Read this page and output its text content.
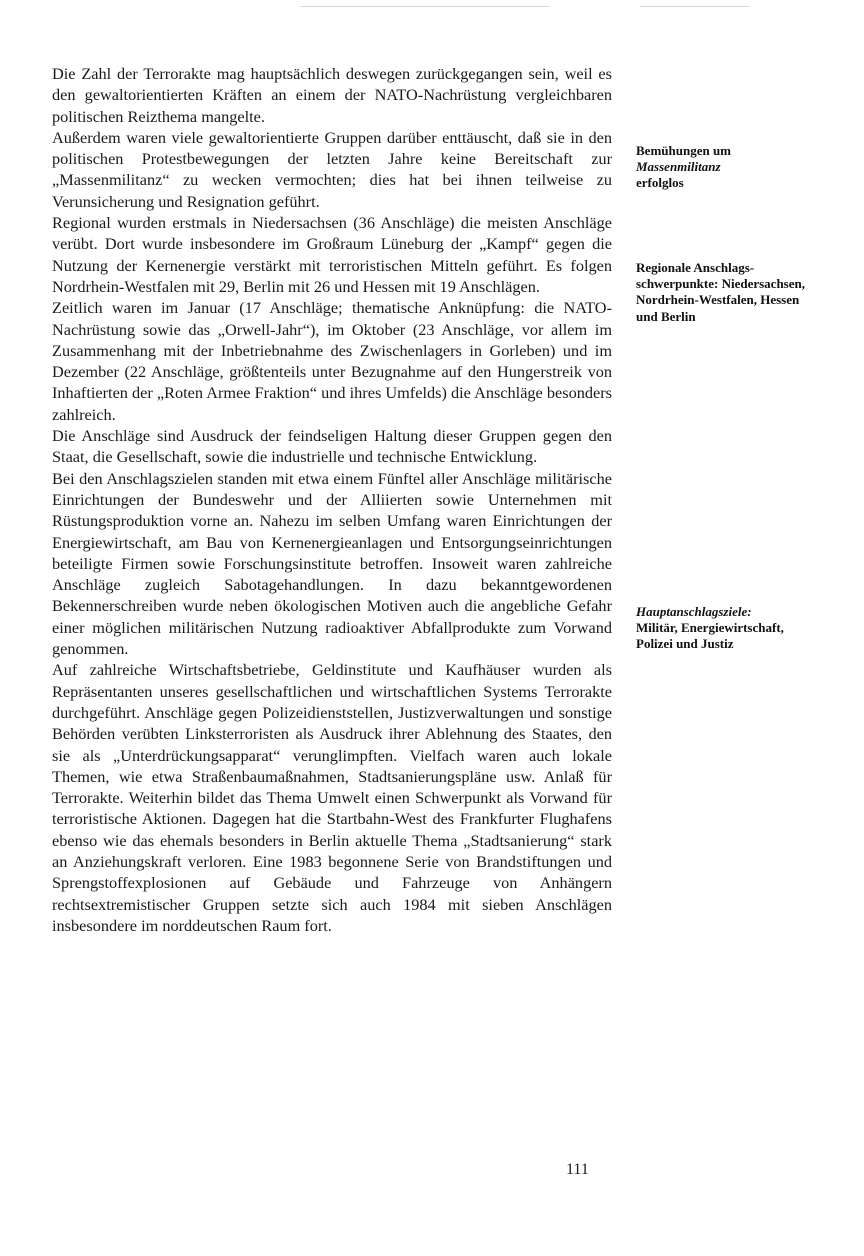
Die Zahl der Terrorakte mag hauptsächlich deswegen zurückgegangen sein, weil es den gewaltorientierten Kräften an einem der NATO-Nachrüstung vergleichbaren politischen Reizthema mangelte.

Außerdem waren viele gewaltorientierte Gruppen darüber enttäuscht, daß sie in den politischen Protestbewegungen der letzten Jahre keine Bereitschaft zur „Massenmilitanz“ zu wecken vermochten; dies hat bei ihnen teilweise zu Verunsicherung und Resignation geführt.

Regional wurden erstmals in Niedersachsen (36 Anschläge) die meisten Anschläge verübt. Dort wurde insbesondere im Großraum Lüneburg der „Kampf“ gegen die Nutzung der Kernenergie verstärkt mit terroristischen Mitteln geführt. Es folgen Nordrhein-Westfalen mit 29, Berlin mit 26 und Hessen mit 19 Anschlägen.

Zeitlich waren im Januar (17 Anschläge; thematische Anknüpfung: die NATO-Nachrüstung sowie das „Orwell-Jahr“), im Oktober (23 Anschläge, vor allem im Zusammenhang mit der Inbetriebnahme des Zwischenlagers in Gorleben) und im Dezember (22 Anschläge, größtenteils unter Bezugnahme auf den Hungerstreik von Inhaftierten der „Roten Armee Fraktion“ und ihres Umfelds) die Anschläge besonders zahlreich.

Die Anschläge sind Ausdruck der feindseligen Haltung dieser Gruppen gegen den Staat, die Gesellschaft, sowie die industrielle und technische Entwicklung.

Bei den Anschlagszielen standen mit etwa einem Fünftel aller Anschläge militärische Einrichtungen der Bundeswehr und der Alliierten sowie Unternehmen mit Rüstungsproduktion vorne an. Nahezu im selben Umfang waren Einrichtungen der Energiewirtschaft, am Bau von Kernenergieanlagen und Entsorgungseinrichtungen beteiligte Firmen sowie Forschungsinstitute betroffen. Insoweit waren zahlreiche Anschläge zugleich Sabotagehandlungen. In dazu bekanntgewordenen Bekennerschreiben wurde neben ökologischen Motiven auch die angebliche Gefahr einer möglichen militärischen Nutzung radioaktiver Abfallprodukte zum Vorwand genommen.

Auf zahlreiche Wirtschaftsbetriebe, Geldinstitute und Kaufhäuser wurden als Repräsentanten unseres gesellschaftlichen und wirtschaftlichen Systems Terrorakte durchgeführt. Anschläge gegen Polizeidienststellen, Justizverwaltungen und sonstige Behörden verübten Linksterroristen als Ausdruck ihrer Ablehnung des Staates, den sie als „Unterdrückungsapparat“ verunglimpften. Vielfach waren auch lokale Themen, wie etwa Straßenbaumaßnahmen, Stadtsanierungspläne usw. Anlaß für Terrorakte. Weiterhin bildet das Thema Umwelt einen Schwerpunkt als Vorwand für terroristische Aktionen. Dagegen hat die Startbahn-West des Frankfurter Flughafens ebenso wie das ehemals besonders in Berlin aktuelle Thema „Stadtsanierung“ stark an Anziehungskraft verloren. Eine 1983 begonnene Serie von Brandstiftungen und Sprengstoffexplosionen auf Gebäude und Fahrzeuge von Anhängern rechtsextremistischer Gruppen setzte sich auch 1984 mit sieben Anschlägen insbesondere im norddeutschen Raum fort.

Bemühungen um
Massenmilitanz
erfolglos
Regionale Anschlagsschwerpunkte: Niedersachsen, Nordrhein-Westfalen, Hessen und Berlin
Hauptanschlagsziele:
Militär, Energiewirtschaft, Polizei und Justiz
111
